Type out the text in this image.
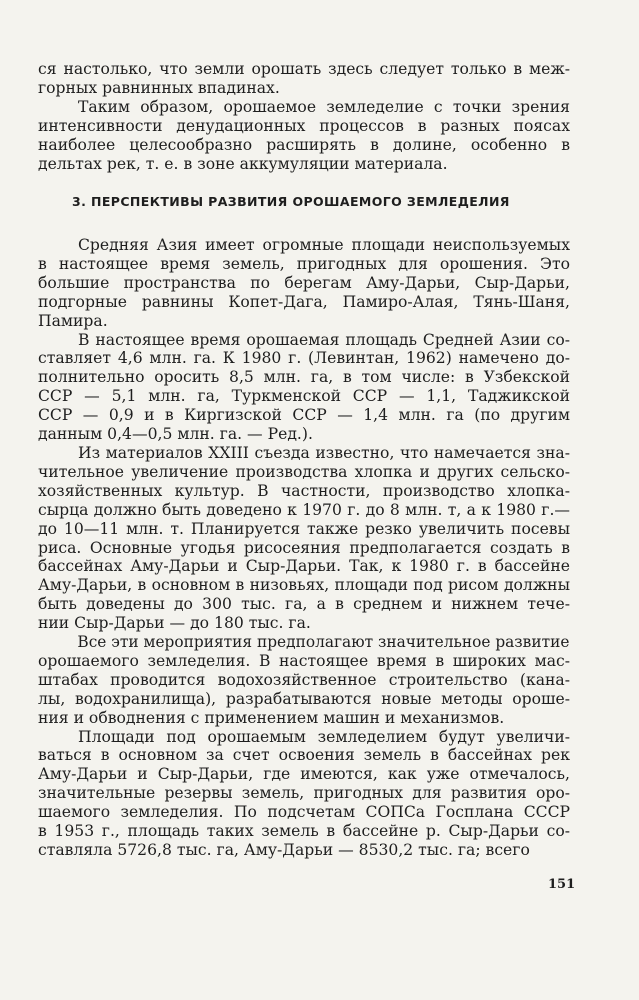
ся настолько, что земли орошать здесь следует только в меж-
горных равнинных впадинах.
Таким образом, орошаемое земледелие с точки зрения
интенсивности денудационных процессов в разных поясах
наиболее целесообразно расширять в долине, особенно в
дельтах рек, т. е. в зоне аккумуляции материала.
3. ПЕРСПЕКТИВЫ РАЗВИТИЯ ОРОШАЕМОГО ЗЕМЛЕДЕЛИЯ
Средняя Азия имеет огромные площади неиспользуемых
в настоящее время земель, пригодных для орошения. Это
большие пространства по берегам Аму-Дарьи, Сыр-Дарьи,
подгорные равнины Копет-Дага, Памиро-Алая, Тянь-Шаня,
Памира.
В настоящее время орошаемая площадь Средней Азии со-
ставляет 4,6 млн. га. К 1980 г. (Левинтан, 1962) намечено до-
полнительно оросить 8,5 млн. га, в том числе: в Узбекской
ССР — 5,1 млн. га, Туркменской ССР — 1,1, Таджикской
ССР — 0,9 и в Киргизской ССР — 1,4 млн. га (по другим
данным 0,4—0,5 млн. га. — Ред.).
Из материалов XXIII съезда известно, что намечается зна-
чительное увеличение производства хлопка и других сельско-
хозяйственных культур. В частности, производство хлопка-
сырца должно быть доведено к 1970 г. до 8 млн. т, а к 1980 г.—
до 10—11 млн. т. Планируется также резко увеличить посевы
риса. Основные угодья рисосеяния предполагается создать в
бассейнах Аму-Дарьи и Сыр-Дарьи. Так, к 1980 г. в бассейне
Аму-Дарьи, в основном в низовьях, площади под рисом должны
быть доведены до 300 тыс. га, а в среднем и нижнем тече-
нии Сыр-Дарьи — до 180 тыс. га.
Все эти мероприятия предполагают значительное развитие
орошаемого земледелия. В настоящее время в широких мас-
штабах проводится водохозяйственное строительство (кана-
лы, водохранилища), разрабатываются новые методы ороше-
ния и обводнения с применением машин и механизмов.
Площади под орошаемым земледелием будут увеличи-
ваться в основном за счет освоения земель в бассейнах рек
Аму-Дарьи и Сыр-Дарьи, где имеются, как уже отмечалось,
значительные резервы земель, пригодных для развития оро-
шаемого земледелия. По подсчетам СОПСа Госплана СССР
в 1953 г., площадь таких земель в бассейне р. Сыр-Дарьи со-
ставляла 5726,8 тыс. га, Аму-Дарьи — 8530,2 тыс. га; всего
151
